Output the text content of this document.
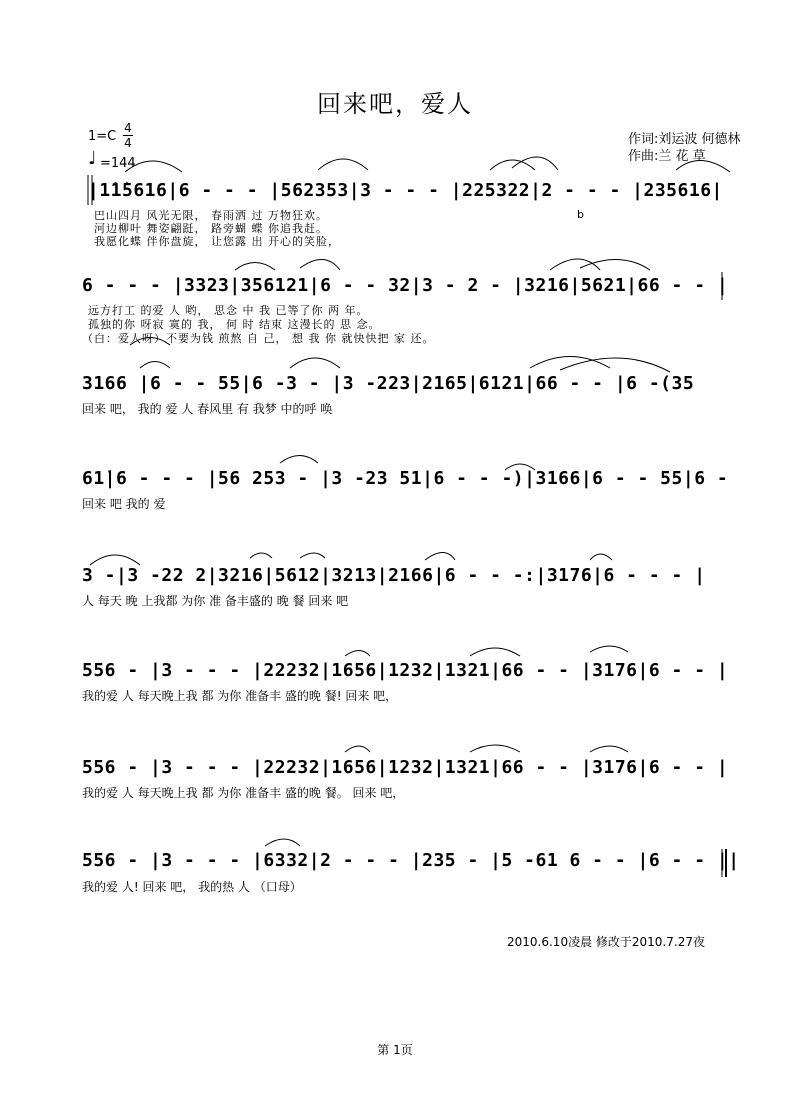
回来吧，爱人
1=C
4
4
♩ =144
作词:刘运波 何德林
作曲:兰 花 草
|1̇1̇5616|6 - - - |562353|3 - - - |225322|2 - - - |235616|
巴山四月 风光无限， 春雨洒 过 万物狂欢。
河边柳叶 舞姿翩跹， 路旁蝴 蝶 你追我赶。
我愿化蝶 伴你盘旋， 让您露 出 开心的笑脸，
b
6 - - - |3323|356121|6 - - 32|3 - 2 - |3216|5621|66 - - |
远方打工 的爱 人 哟， 思念 中 我 已等了你 两 年。
孤独的你 呀寂 寞的 我， 何 时 结束 这漫长的 思 念。
（白：爱人呀）不要为钱 煎熬 自 己， 想 我 你 就快快把 家 还。
3166 |6 - - 55|6 -3 - |3 -223|2165|6121|66 - - |6 -(35
回来 吧， 我的 爱 人 春风里 有 我梦 中的呼 唤
61̇|6 - - - |56 253 - |3 -23 51|6 - - -)|3166|6 - - 55|6 -
回来 吧 我的 爱
3 -|3 -22 2|3216|5612|3213|2166|6 - - -:|3176|6 - - - |
人 每天 晚 上我都 为你 准 备丰盛的 晚 餐 回来 吧
556 - |3 - - - |22232|1656|1232|1321|66 - - |3176|6 - - |
我的爱 人 每天晚上我 都 为你 准备丰 盛的晚 餐! 回来 吧，
556 - |3 - - - |22232|1656|1232|1321|66 - - |3176|6 - - |
我的爱 人 每天晚上我 都 为你 准备丰 盛的晚 餐。 回来 吧，
556 - |3 - - - |6332|2 - - - |235 - |5 -61 6 - - |6 - - ||
我的爱 人! 回来 吧， 我的热 人 （口母）
2010.6.10凌晨 修改于2010.7.27夜
第 1页
